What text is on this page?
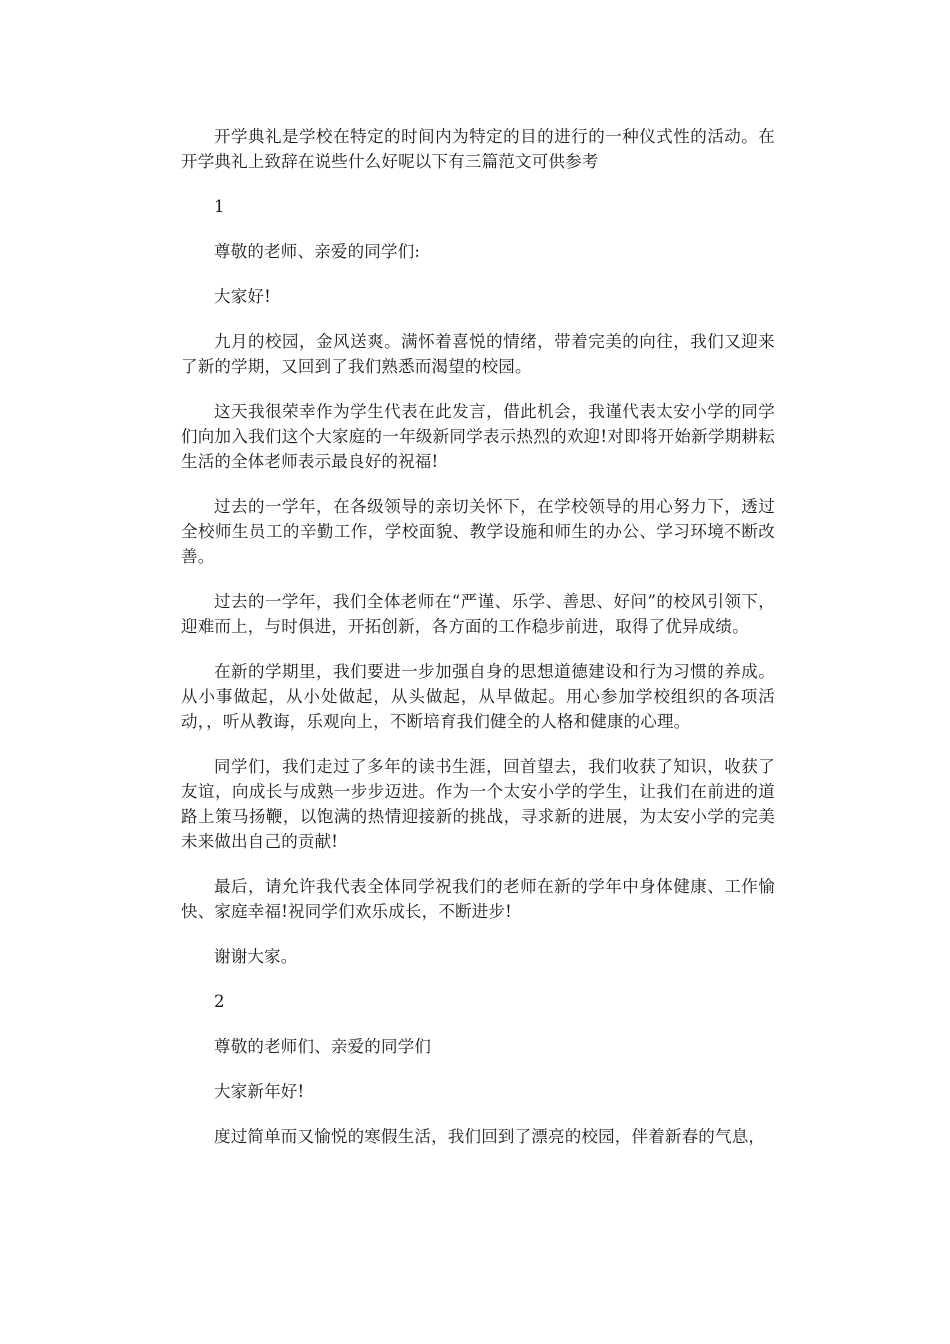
开学典礼是学校在特定的时间内为特定的目的进行的一种仪式性的活动。在开学典礼上致辞在说些什么好呢以下有三篇范文可供参考

1

尊敬的老师、亲爱的同学们:

大家好!

九月的校园，金风送爽。满怀着喜悦的情绪，带着完美的向往，我们又迎来了新的学期，又回到了我们熟悉而渴望的校园。

这天我很荣幸作为学生代表在此发言，借此机会，我谨代表太安小学的同学们向加入我们这个大家庭的一年级新同学表示热烈的欢迎!对即将开始新学期耕耘生活的全体老师表示最良好的祝福!

过去的一学年，在各级领导的亲切关怀下，在学校领导的用心努力下，透过全校师生员工的辛勤工作，学校面貌、教学设施和师生的办公、学习环境不断改善。

过去的一学年，我们全体老师在“严谨、乐学、善思、好问”的校风引领下，迎难而上，与时俱进，开拓创新，各方面的工作稳步前进，取得了优异成绩。

在新的学期里，我们要进一步加强自身的思想道德建设和行为习惯的养成。从小事做起，从小处做起，从头做起，从早做起。用心参加学校组织的各项活动，，听从教诲，乐观向上，不断培育我们健全的人格和健康的心理。

同学们，我们走过了多年的读书生涯，回首望去，我们收获了知识，收获了友谊，向成长与成熟一步步迈进。作为一个太安小学的学生，让我们在前进的道路上策马扬鞭，以饱满的热情迎接新的挑战，寻求新的进展，为太安小学的完美未来做出自己的贡献!

最后，请允许我代表全体同学祝我们的老师在新的学年中身体健康、工作愉快、家庭幸福!祝同学们欢乐成长，不断进步!

谢谢大家。

2

尊敬的老师们、亲爱的同学们

大家新年好!

度过简单而又愉悦的寒假生活，我们回到了漂亮的校园，伴着新春的气息，
